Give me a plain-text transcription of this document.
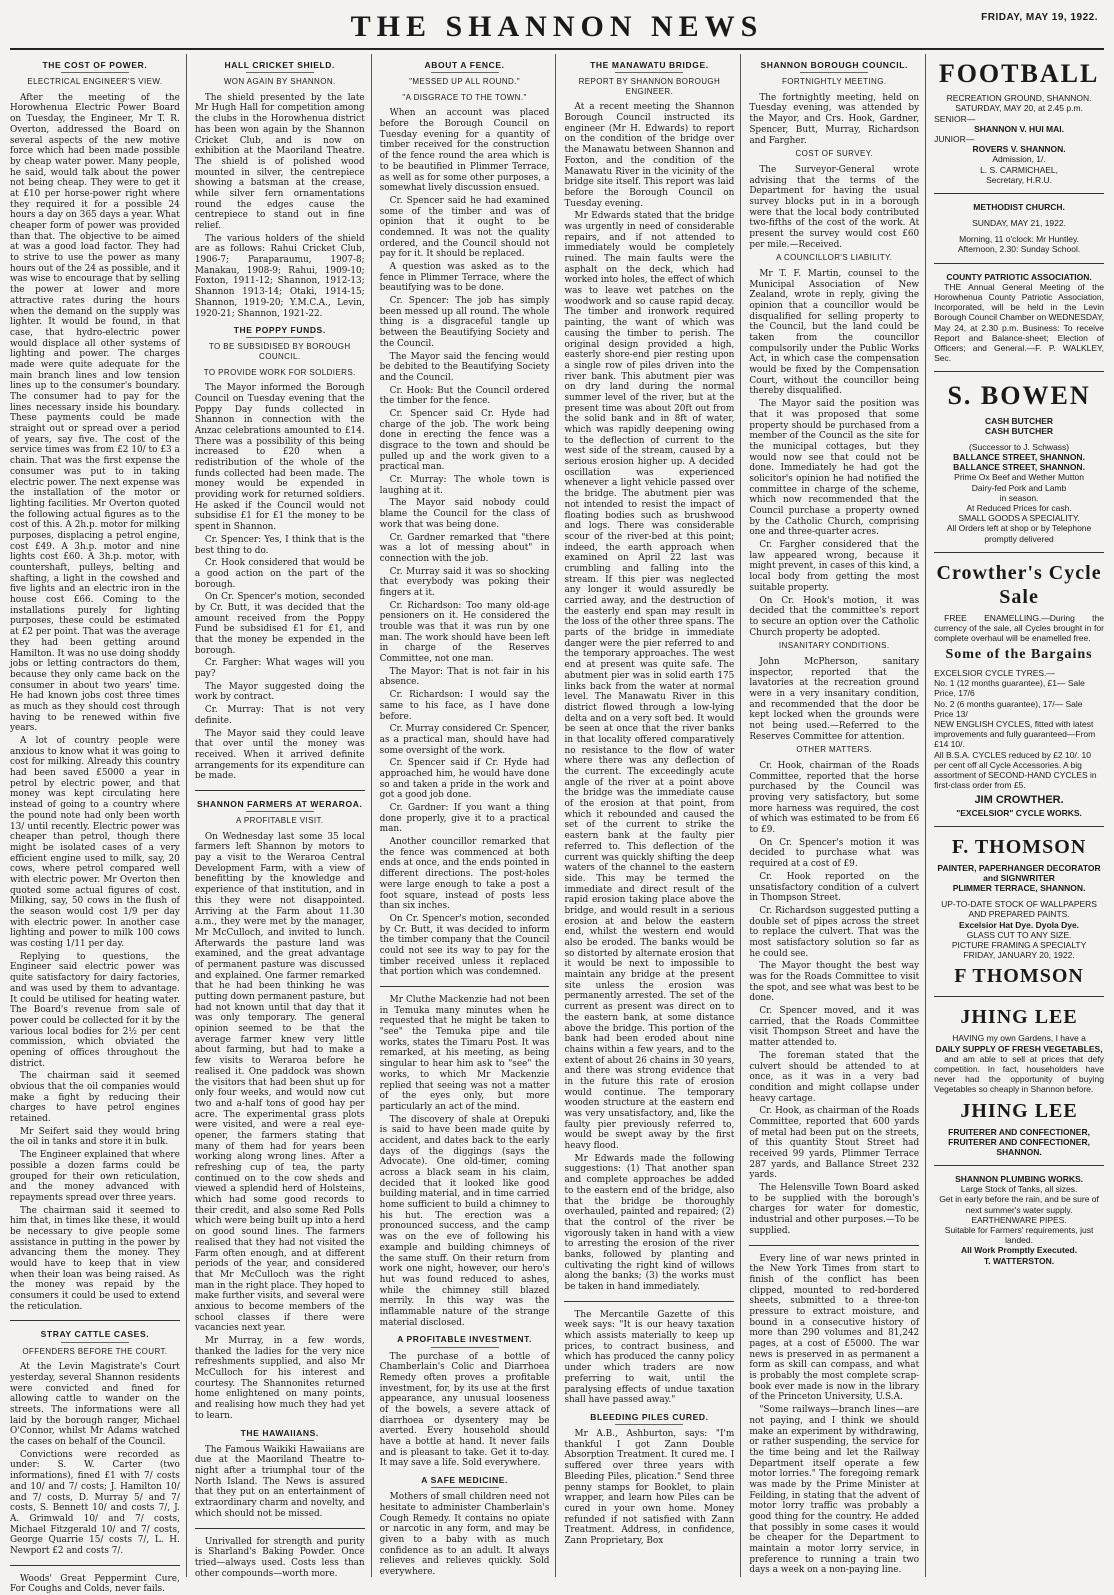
THE SHANNON NEWS	FRIDAY, MAY 19, 1922.
THE COST OF POWER.
ELECTRICAL ENGINEER'S VIEW.

After the meeting of the Horowhenua Electric Power Board on Tuesday, the Engineer, Mr T. R. Overton, addressed the Board on several aspects of the new motive force which had been made possible by cheap water power. Many people, he said, would talk about the power not being cheap. They were to get it at £10 per horse-power right where they required it for a possible 24 hours a day on 365 days a year. What cheaper form of power was provided than that. The objective to be aimed at was a good load factor. They had to strive to use the power as many hours out of the 24 as possible, and it was wise to encourage that by selling the power at lower and more attractive rates during the hours when the demand on the supply was lighter. It would be found, in that case, that hydro-electric power would displace all other systems of lighting and power. The charges made were quite adequate for the main branch lines and low tension lines up to the consumer's boundary. The consumer had to pay for the lines necessary inside his boundary. These payments could be made straight out or spread over a period of years, say five. The cost of the service times was from £2 10/ to £3 a chain. That was the first expense the consumer was put to in taking electric power. The next expense was the installation of the motor or lighting facilities. Mr Overton quoted the following actual figures as to the cost of this. A 2h.p. motor for milking purposes, displacing a petrol engine, cost £49. A 3h.p. motor and nine lights cost £60. A 3h.p. motor, with countershaft, pulleys, belting and shafting, a light in the cowshed and five lights and an electric iron in the house cost £66. Coming to the installations purely for lighting purposes, these could be estimated at £2 per point. That was the average they had been getting around Hamilton. It was no use doing shoddy jobs or letting contractors do them, because they only came back on the consumer in about two years' time. He had known jobs cost three times as much as they should cost through having to be renewed within five years.

A lot of country people were anxious to know what it was going to cost for milking. Already this country had been saved £5000 a year in petrol by electric power, and that money was kept circulating here instead of going to a country where the pound note had only been worth 13/ until recently. Electric power was cheaper than petrol, though there might be isolated cases of a very efficient engine used to milk, say, 20 cows, where petrol compared well with electric power. Mr Overton then quoted some actual figures of cost. Milking, say, 50 cows in the flush of the season would cost 1/9 per day with electric power. In another case lighting and power to milk 100 cows was costing 1/11 per day.

Replying to questions, the Engineer said electric power was quite satisfactory for dairy factories, and was used by them to advantage. It could be utilised for heating water. The Board's revenue from sale of power could be collected for it by the various local bodies for 2½ per cent commission, which obviated the opening of offices throughout the district.

The chairman said it seemed obvious that the oil companies would make a fight by reducing their charges to have petrol engines retained.

Mr Seifert said they would bring the oil in tanks and store it in bulk.

The Engineer explained that where possible a dozen farms could be grouped for their own reticulation, and the money advanced with repayments spread over three years.

The chairman said it seemed to him that, in times like these, it would be necessary to give people some assistance in putting in the power by advancing them the money. They would have to keep that in view when their loan was being raised. As the money was repaid by the consumers it could be used to extend the reticulation.

STRAY CATTLE CASES.
OFFENDERS BEFORE THE COURT.

At the Levin Magistrate's Court yesterday, several Shannon residents were convicted and fined for allowing cattle to wander on the streets. The informations were all laid by the borough ranger, Michael O'Connor, whilst Mr Adams watched the cases on behalf of the Council.

Convictions were recorded as under: S. W. Carter (two informations), fined £1 with 7/ costs and 10/ and 7/ costs; J. Hamilton 10/ and 7/ costs, D. Murray 5/ and 7/ costs, S. Bennett 10/ and costs 7/, J. A. Grimwald 10/ and 7/ costs, Michael Fitzgerald 10/ and 7/ costs, George Quarrie 15/ costs 7/, L. H. Newport £2 and costs 7/.

Woods' Great Peppermint Cure, For Coughs and Colds, never fails.

HALL CRICKET SHIELD.
WON AGAIN BY SHANNON.

The shield presented by the late Mr Hugh Hall for competition among the clubs in the Horowhenua district has been won again by the Shannon Cricket Club, and is now on exhibition at the Maoriland Theatre. The shield is of polished wood mounted in silver, the centrepiece showing a batsman at the crease, while silver fern ornamentations round the edges cause the centrepiece to stand out in fine relief.

The various holders of the shield are as follows: Rahui Cricket Club, 1906-7; Paraparaumu, 1907-8; Manakau, 1908-9; Rahui, 1909-10; Foxton, 1911-12; Shannon, 1912-13; Shannon 1913-14; Otaki, 1914-15; Shannon, 1919-20; Y.M.C.A., Levin, 1920-21; Shannon, 1921-22.

THE POPPY FUNDS.
TO BE SUBSIDISED BY BOROUGH COUNCIL.
TO PROVIDE WORK FOR SOLDIERS.

The Mayor informed the Borough Council on Tuesday evening that the Poppy Day funds collected in Shannon in connection with the Anzac celebrations amounted to £14. There was a possibility of this being increased to £20 when a redistribution of the whole of the funds collected had been made. The money would be expended in providing work for returned soldiers. He asked if the Council would not subsidise £1 for £1 the money to be spent in Shannon.

Cr. Spencer: Yes, I think that is the best thing to do.

Cr. Hook considered that would be a good action on the part of the borough.

On Cr. Spencer's motion, seconded by Cr. Butt, it was decided that the amount received from the Poppy Fund be subsidised £1 for £1, and that the money be expended in the borough.

Cr. Fargher: What wages will you pay?

The Mayor suggested doing the work by contract.

Cr. Murray: That is not very definite.

The Mayor said they could leave that over until the money was received. When it arrived definite arrangements for its expenditure can be made.

SHANNON FARMERS AT WERAROA.
A PROFITABLE VISIT.

On Wednesday last some 35 local farmers left Shannon by motors to pay a visit to the Weraroa Central Development Farm, with a view of benefitting by the knowledge and experience of that institution, and in this they were not disappointed. Arriving at the Farm about 11.30 a.m., they were met by the manager, Mr McCulloch, and invited to lunch. Afterwards the pasture land was examined, and the great advantage of permanent pasture was discussed and explained. One farmer remarked that he had been thinking he was putting down permanent pasture, but had not known until that day that it was only temporary. The general opinion seemed to be that the average farmer knew very little about farming, but had to make a few visits to Weraroa before he realised it. One paddock was shown the visitors that had been shut up for only four weeks, and would now cut two and a-half tons of good hay per acre. The experimental grass plots were visited, and were a real eye-opener, the farmers stating that many of them had for years been working along wrong lines. After a refreshing cup of tea, the party continued on to the cow sheds and viewed a splendid herd of Holsteins, which had some good records to their credit, and also some Red Polls which were being built up into a herd on good sound lines. The farmers realised that they had not visited the Farm often enough, and at different periods of the year, and considered that Mr McCulloch was the right man in the right place. They hoped to make further visits, and several were anxious to become members of the school classes if there were vacancies next year.

Mr Murray, in a few words, thanked the ladies for the very nice refreshments supplied, and also Mr McCulloch for his interest and courtesy. The Shannonites returned home enlightened on many points, and realising how much they had yet to learn.

THE HAWAIIANS.

The Famous Waikiki Hawaiians are due at the Maoriland Theatre to-night after a triumphal tour of the North Island. The News is assured that they put on an entertainment of extraordinary charm and novelty, and which should not be missed.

Unrivalled for strength and purity is Sharland's Baking Powder. Once tried—always used. Costs less than other compounds—worth more.

ABOUT A FENCE.
"MESSED UP ALL ROUND."
"A DISGRACE TO THE TOWN."

When an account was placed before the Borough Council on Tuesday evening for a quantity of timber received for the construction of the fence round the area which is to be beautified in Plimmer Terrace, as well as for some other purposes, a somewhat lively discussion ensued.

Cr. Spencer said he had examined some of the timber and was of opinion that it ought to be condemned. It was not the quality ordered, and the Council should not pay for it. It should be replaced.

A question was asked as to the fence in Plimmer Terrace, where the beautifying was to be done.

Cr. Spencer: The job has simply been messed up all round. The whole thing is a disgraceful tangle up between the Beautifying Society and the Council.

The Mayor said the fencing would be debited to the Beautifying Society and the Council.

Cr. Hook: But the Council ordered the timber for the fence.

Cr. Spencer said Cr. Hyde had charge of the job. The work being done in erecting the fence was a disgrace to the town and should be pulled up and the work given to a practical man.

Cr. Murray: The whole town is laughing at it.

The Mayor said nobody could blame the Council for the class of work that was being done.

Cr. Gardner remarked that "there was a lot of messing about" in connection with the job.

Cr. Murray said it was so shocking that everybody was poking their fingers at it.

Cr. Richardson: Too many old-age pensioners on it. He considered the trouble was that it was run by one man. The work should have been left in charge of the Reserves Committee, not one man.

The Mayor: That is not fair in his absence.

Cr. Richardson: I would say the same to his face, as I have done before.

Cr. Murray considered Cr. Spencer, as a practical man, should have had some oversight of the work.

Cr. Spencer said if Cr. Hyde had approached him, he would have done so and taken a pride in the work and got a good job done.

Cr. Gardner: If you want a thing done properly, give it to a practical man.

Another councillor remarked that the fence was commenced at both ends at once, and the ends pointed in different directions. The post-holes were large enough to take a post a foot square, instead of posts less than six inches.

On Cr. Spencer's motion, seconded by Cr. Butt, it was decided to inform the timber company that the Council could not see its way to pay for the timber received unless it replaced that portion which was condemned.

Mr Cluthe Mackenzie had not been in Temuka many minutes when he requested that he might be taken to "see" the Temuka pipe and tile works, states the Timaru Post. It was remarked, at his meeting, as being singular to hear him ask to "see" the works, to which Mr Mackenzie replied that seeing was not a matter of the eyes only, but more particularly an act of the mind.

The discovery of shale at Orepuki is said to have been made quite by accident, and dates back to the early days of the diggings (says the Advocate). One old-timer, coming across a black seam in his claim, decided that it looked like good building material, and in time carried home sufficient to build a chimney to his hut. The erection was a pronounced success, and the camp was on the eve of following his example and building chimneys of the same stuff. On their return from work one night, however, our hero's hut was found reduced to ashes, while the chimney still blazed merrily. In this way was the inflammable nature of the strange material disclosed.

A PROFITABLE INVESTMENT.

The purchase of a bottle of Chamberlain's Colic and Diarrhoea Remedy often proves a profitable investment, for, by its use at the first appearance, any unusual looseness of the bowels, a severe attack of diarrhoea or dysentery may be averted. Every household should have a bottle at hand. It never fails and is pleasant to take. Get it to-day. It may save a life. Sold everywhere.

A SAFE MEDICINE.

Mothers of small children need not hesitate to administer Chamberlain's Cough Remedy. It contains no opiate or narcotic in any form, and may be given to a baby with as much confidence as to an adult. It always relieves and relieves quickly. Sold everywhere.

THE MANAWATU BRIDGE.
REPORT BY SHANNON BOROUGH ENGINEER.

At a recent meeting the Shannon Borough Council instructed its engineer (Mr H. Edwards) to report on the condition of the bridge over the Manawatu between Shannon and Foxton, and the condition of the Manawatu River in the vicinity of the bridge site itself. This report was laid before the Borough Council on Tuesday evening.

Mr Edwards stated that the bridge was urgently in need of considerable repairs, and if not attended to immediately would be completely ruined. The main faults were the asphalt on the deck, which had worked into holes, the effect of which was to leave wet patches on the woodwork and so cause rapid decay. The timber and ironwork required painting, the want of which was causing the timber to perish. The original design provided a high, easterly shore-end pier resting upon a single row of piles driven into the river bank. This abutment pier was on dry land during the normal summer level of the river, but at the present time was about 20ft out from the solid bank and in 8ft of water, which was rapidly deepening owing to the deflection of current to the west side of the stream, caused by a serious erosion higher up. A decided oscillation was experienced whenever a light vehicle passed over the bridge. The abutment pier was not intended to resist the impact of floating bodies such as brushwood and logs. There was considerable scour of the river-bed at this point; indeed, the earth approach when examined on April 22 last was crumbling and falling into the stream. If this pier was neglected any longer it would assuredly be carried away, and the destruction of the easterly end span may result in the loss of the other three spans. The parts of the bridge in immediate danger were the pier referred to and the temporary approaches. The west end at present was quite safe. The abutment pier was in solid earth 175 links back from the water at normal level. The Manawatu River in this district flowed through a low-lying delta and on a very soft bed. It would be seen at once that the river banks in that locality offered comparatively no resistance to the flow of water where there was any deflection of the current. The exceedingly acute angle of the river at a point above the bridge was the immediate cause of the erosion at that point, from which it rebounded and caused the set of the current to strike the eastern bank at the faulty pier referred to. This deflection of the current was quickly shifting the deep waters of the channel to the eastern side. This may be termed the immediate and direct result of the rapid erosion taking place above the bridge, and would result in a serious erosion at and below the eastern end, whilst the western end would also be eroded. The banks would be so distorted by alternate erosion that it would be next to impossible to maintain any bridge at the present site unless the erosion was permanently arrested. The set of the current as present was direct on to the eastern bank, at some distance above the bridge. This portion of the bank had been eroded about nine chains within a few years, and to the extent of about 26 chains in 30 years, and there was strong evidence that in the future this rate of erosion would continue. The temporary wooden structure at the eastern end was very unsatisfactory, and, like the faulty pier previously referred to, would be swept away by the first heavy flood.

Mr Edwards made the following suggestions: (1) That another span and complete approaches be added to the eastern end of the bridge, also that the bridge be thoroughly overhauled, painted and repaired; (2) that the control of the river be vigorously taken in hand with a view to arresting the erosion of the river banks, followed by planting and cultivating the right kind of willows along the banks; (3) the works must be taken in hand immediately.

The Mercantile Gazette of this week says: "It is our heavy taxation which assists materially to keep up prices, to contract business, and which has produced the canny policy under which traders are now preferring to wait, until the paralysing effects of undue taxation shall have passed away."

BLEEDING PILES CURED.

Mr A.B., Ashburton, says: "I'm thankful I got Zann Double Absorption Treatment. It cured me. I suffered over three years with Bleeding Piles, plication." Send three penny stamps for Booklet, to plain wrapper, and learn how Piles can be cured in your own home. Money refunded if not satisfied with Zann Treatment. Address, in confidence, Zann Proprietary, Box

SHANNON BOROUGH COUNCIL.
FORTNIGHTLY MEETING.

The fortnightly meeting, held on Tuesday evening, was attended by the Mayor, and Crs. Hook, Gardner, Spencer, Butt, Murray, Richardson and Fargher.

COST OF SURVEY.

The Surveyor-General wrote advising that the terms of the Department for having the usual survey blocks put in in a borough were that the local body contributed two-fifths of the cost of the work. At present the survey would cost £60 per mile.—Received.

A COUNCILLOR'S LIABILITY.

Mr T. F. Martin, counsel to the Municipal Association of New Zealand, wrote in reply, giving the opinion that a councillor would be disqualified for selling property to the Council, but the land could be taken from the councillor compulsorily under the Public Works Act, in which case the compensation would be fixed by the Compensation Court, without the councillor being thereby disqualified.

The Mayor said the position was that it was proposed that some property should be purchased from a member of the Council as the site for the municipal cottages, but they would now see that could not be done. Immediately he had got the solicitor's opinion he had notified the committee in charge of the scheme, which now recommended that the Council purchase a property owned by the Catholic Church, comprising one and three-quarter acres.

Cr. Fargher considered that the law appeared wrong, because it might prevent, in cases of this kind, a local body from getting the most suitable property.

On Cr. Hook's motion, it was decided that the committee's report to secure an option over the Catholic Church property be adopted.

INSANITARY CONDITIONS.

John McPherson, sanitary inspector, reported that the lavatories at the recreation ground were in a very insanitary condition, and recommended that the door be kept locked when the grounds were not being used.—Referred to the Reserves Committee for attention.

OTHER MATTERS.

Cr. Hook, chairman of the Roads Committee, reported that the horse purchased by the Council was proving very satisfactory, but some more harness was required, the cost of which was estimated to be from £6 to £9.

On Cr. Spencer's motion it was decided to purchase what was required at a cost of £9.

Cr. Hook reported on the unsatisfactory condition of a culvert in Thompson Street.

Cr. Richardson suggested putting a double set of pipes across the street to replace the culvert. That was the most satisfactory solution so far as he could see.

The Mayor thought the best way was for the Roads Committee to visit the spot, and see what was best to be done.

Cr. Spencer moved, and it was carried, that the Roads Committee visit Thompson Street and have the matter attended to.

The foreman stated that the culvert should be attended to at once, as it was in a very bad condition and might collapse under heavy cartage.

Cr. Hook, as chairman of the Roads Committee, reported that 600 yards of metal had been put on the streets, of this quantity Stout Street had received 99 yards, Plimmer Terrace 287 yards, and Ballance Street 232 yards.

The Helensville Town Board asked to be supplied with the borough's charges for water for domestic, industrial and other purposes.—To be supplied.

Every line of war news printed in the New York Times from start to finish of the conflict has been clipped, mounted to red-bordered sheets, submitted to a three-ton pressure to extract moisture, and bound in a consecutive history of more than 290 volumes and 81,242 pages, at a cost of £5000. The war news is preserved in as permanent a form as skill can compass, and what is probably the most complete scrap-book ever made is now in the library of the Princeton University, U.S.A.

"Some railways—branch lines—are not paying, and I think we should make an experiment by withdrawing, or rather suspending, the service for the time being and let the Railway Department itself operate a few motor lorries." The foregoing remark was made by the Prime Minister at Feilding, in stating that the advent of motor lorry traffic was probably a good thing for the country. He added that possibly in some cases it would be cheaper for the Department to maintain a motor lorry service, in preference to running a train two days a week on a non-paying line.

FOOTBALL
RECREATION GROUND, SHANNON.
SATURDAY, MAY 20, at 2.45 p.m.
SENIOR—
SHANNON V. HUI MAI.
JUNIOR—
ROVERS V. SHANNON.
Admission, 1/.
L. S. CARMICHAEL,
Secretary, H.R.U.
METHODIST CHURCH.
SUNDAY, MAY 21, 1922.
Morning, 11 o'clock: Mr Huntley.
Afternoon, 2.30: Sunday School.
COUNTY PATRIOTIC ASSOCIATION.

THE Annual General Meeting of the Horowhenua County Patriotic Association, Incorporated, will be held in the Levin Borough Council Chamber on WEDNESDAY, May 24, at 2.30 p.m. Business: To receive Report and Balance-sheet; Election of Officers; and General.—F. P. WALKLEY, Sec.

S. BOWEN
CASH BUTCHER
CASH BUTCHER
(Successor to J. Schwass)
BALLANCE STREET, SHANNON.
BALLANCE STREET, SHANNON.
Prime Ox Beef and Wether Mutton
Dairy-fed Pork and Lamb
in season.
At Reduced Prices for cash.
SMALL GOODS A SPECIALITY.
All Orders left at shop or by Telephone promptly delivered
Crowther's Cycle Sale

FREE ENAMELLING.—During the currency of the sale, all Cycles brought in for complete overhaul will be enamelled free.

Some of the Bargains
EXCELSIOR CYCLE TYRES.—
No. 1 (12 months guarantee), £1— Sale Price, 17/6
No. 2 (6 months guarantee), 17/— Sale Price 13/
NEW ENGLISH CYCLES, fitted with latest improvements and fully guaranteed—From £14 10/.
All B.S.A. CYCLES reduced by £2 10/. 10 per cent off all Cycle Accessories. A big assortment of SECOND-HAND CYCLES in first-class order from £5.
JIM CROWTHER.
"EXCELSIOR" CYCLE WORKS.
F. THOMSON
PAINTER, PAPERHANGER DECORATOR and SIGNWRITER
PLIMMER TERRACE, SHANNON.
UP-TO-DATE STOCK OF WALLPAPERS AND PREPARED PAINTS.
Excelsior Hat Dye. Dyola Dye.
GLASS CUT TO ANY SIZE.
PICTURE FRAMING A SPECIALTY
FRIDAY, JANUARY 20, 1922.
F THOMSON
JHING LEE
HAVING my own Gardens, I have a
DAILY SUPPLY OF FRESH VEGETABLES,

and am able to sell at prices that defy competition. In fact, householders have never had the opportunity of buying Vegetables so cheaply in Shannon before.

JHING LEE
FRUITERER AND CONFECTIONER, FRUITERER AND CONFECTIONER, SHANNON.
SHANNON PLUMBING WORKS.
Large Stock of Tanks, all sizes.
Get in early before the rain, and be sure of next summer's water supply.
EARTHENWARE PIPES.
Suitable for Farmers' requirements, just landed.
All Work Promptly Executed.
T. WATTERSTON.
